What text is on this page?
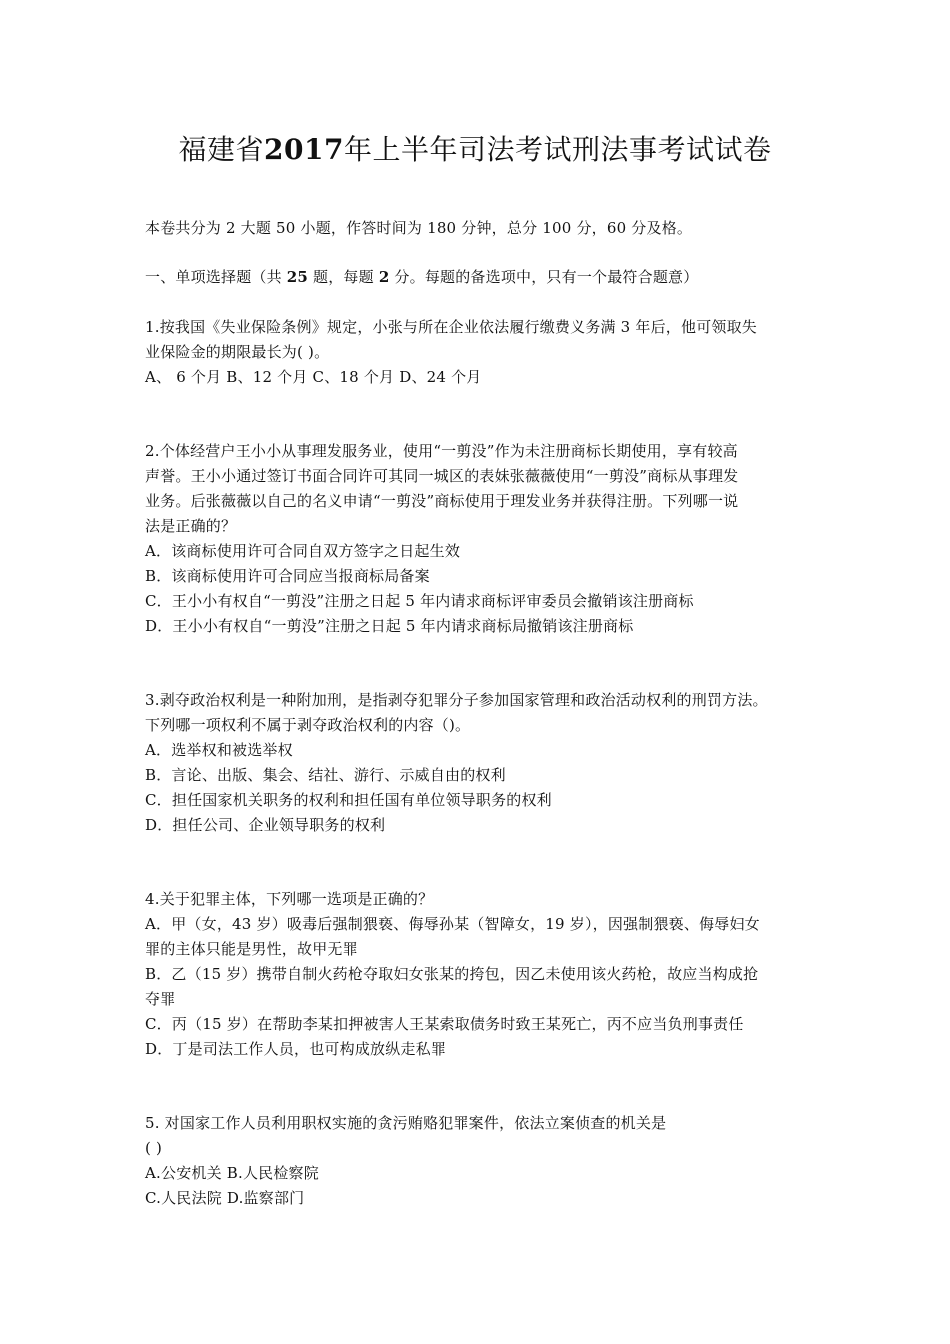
福建省2017年上半年司法考试刑法事考试试卷
本卷共分为 2 大题 50 小题，作答时间为 180 分钟，总分 100 分，60 分及格。
一、单项选择题（共 25 题，每题 2 分。每题的备选项中，只有一个最符合题意）
1.按我国《失业保险条例》规定，小张与所在企业依法履行缴费义务满 3 年后，他可领取失
业保险金的期限最长为( )。
A、 6 个月 B、12 个月 C、18 个月 D、24 个月
2.个体经营户王小小从事理发服务业，使用“一剪没”作为未注册商标长期使用，享有较高
声誉。王小小通过签订书面合同许可其同一城区的表妹张薇薇使用“一剪没”商标从事理发
业务。后张薇薇以自己的名义申请“一剪没”商标使用于理发业务并获得注册。下列哪一说
法是正确的？
A．该商标使用许可合同自双方签字之日起生效
B．该商标使用许可合同应当报商标局备案
C．王小小有权自“一剪没”注册之日起 5 年内请求商标评审委员会撤销该注册商标
D．王小小有权自“一剪没”注册之日起 5 年内请求商标局撤销该注册商标
3.剥夺政治权利是一种附加刑，是指剥夺犯罪分子参加国家管理和政治活动权利的刑罚方法。
下列哪一项权利不属于剥夺政治权利的内容（)。
A．选举权和被选举权
B．言论、出版、集会、结社、游行、示威自由的权利
C．担任国家机关职务的权利和担任国有单位领导职务的权利
D．担任公司、企业领导职务的权利
4.关于犯罪主体，下列哪一选项是正确的？
A．甲（女，43 岁）吸毒后强制猥亵、侮辱孙某（智障女，19 岁），因强制猥亵、侮辱妇女
罪的主体只能是男性，故甲无罪
B．乙（15 岁）携带自制火药枪夺取妇女张某的挎包，因乙未使用该火药枪，故应当构成抢
夺罪
C．丙（15 岁）在帮助李某扣押被害人王某索取债务时致王某死亡，丙不应当负刑事责任
D．丁是司法工作人员，也可构成放纵走私罪
5. 对国家工作人员利用职权实施的贪污贿赂犯罪案件，依法立案侦查的机关是
( )
A.公安机关 B.人民检察院
C.人民法院 D.监察部门
